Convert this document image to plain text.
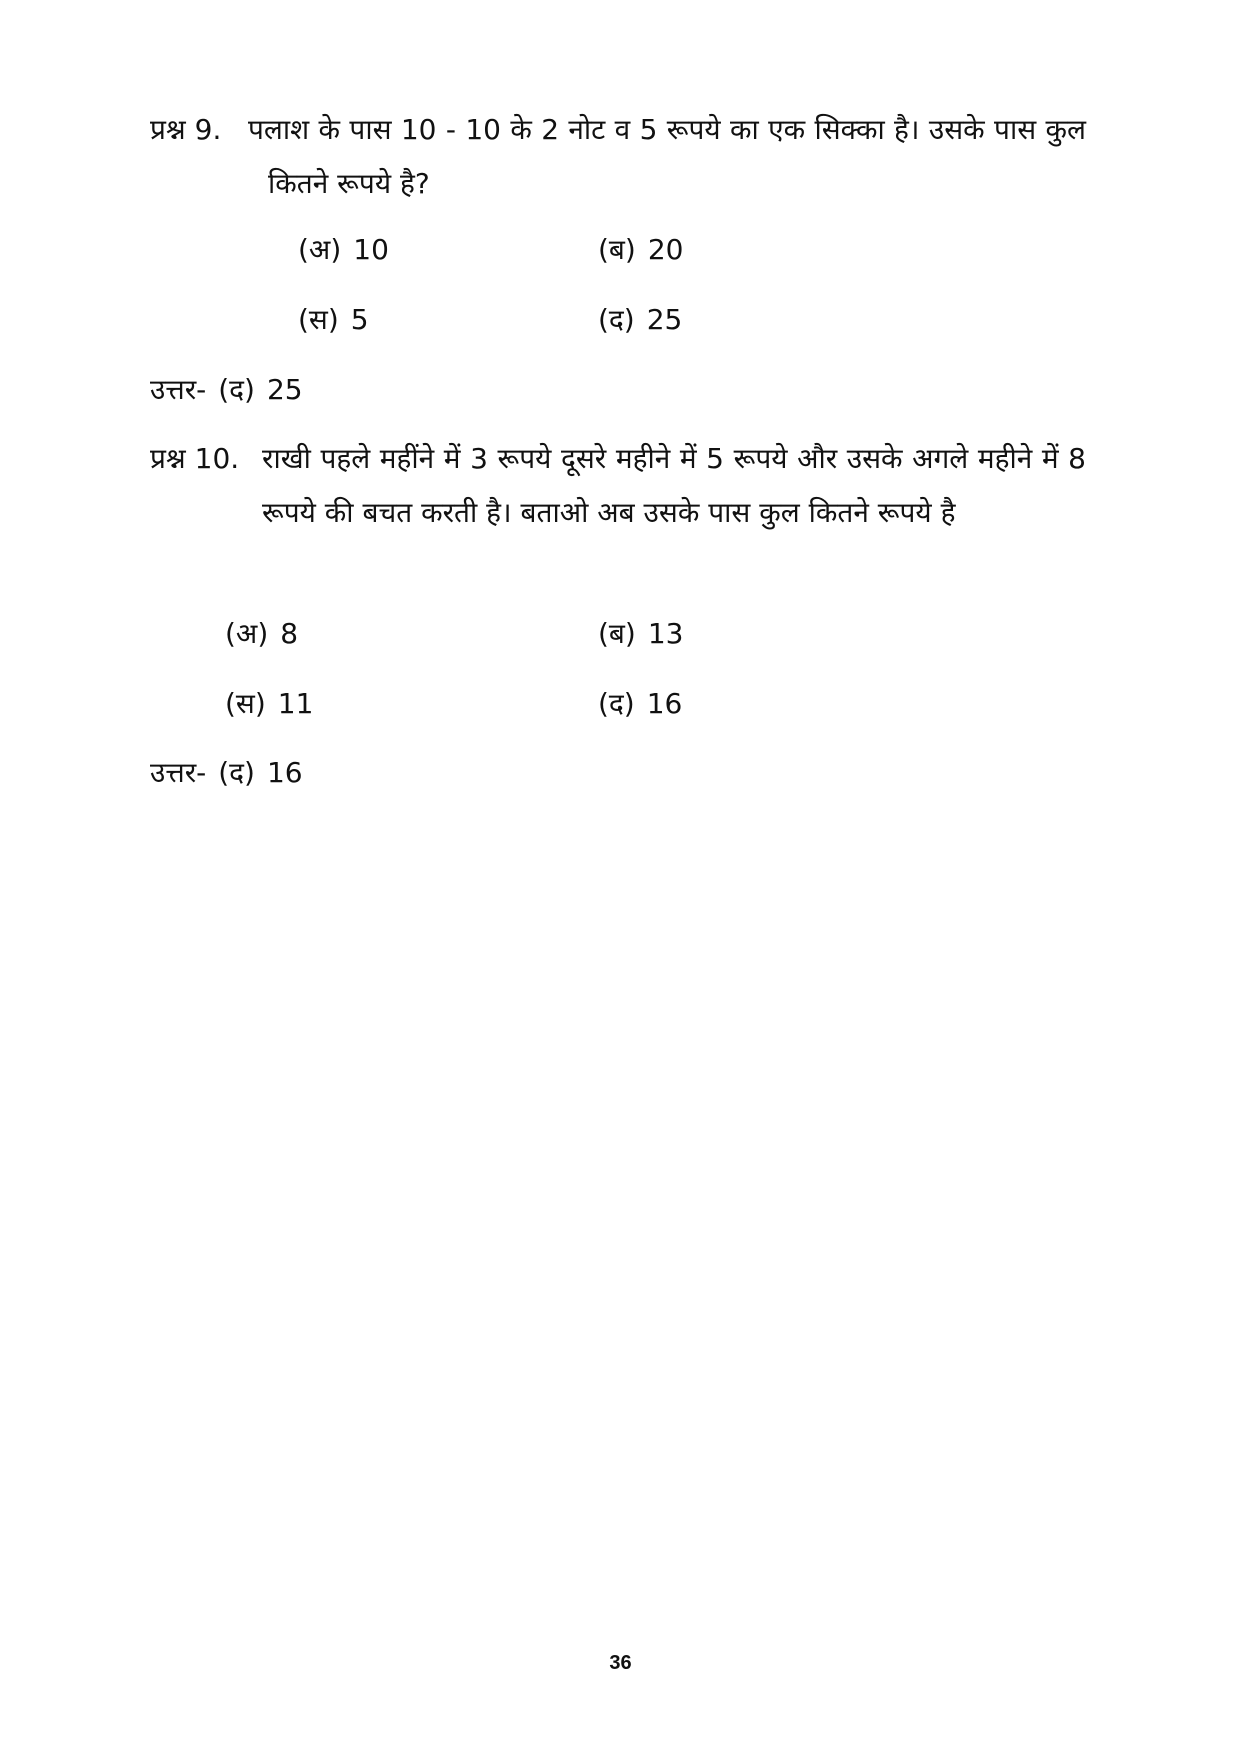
प्रश्न 9. पलाश के पास 10 - 10 के 2 नोट व 5 रूपये का एक सिक्का है। उसके पास कुल कितने रूपये है?
(अ) 10	(ब) 20
(स) 5	(द) 25
उत्तर- (द) 25
प्रश्न 10. राखी पहले महींने में 3 रूपये दूसरे महीने में 5 रूपये और उसके अगले महीने में 8 रूपये की बचत करती है। बताओ अब उसके पास कुल कितने रूपये है
(अ) 8	(ब) 13
(स) 11	(द) 16
उत्तर- (द) 16
36
